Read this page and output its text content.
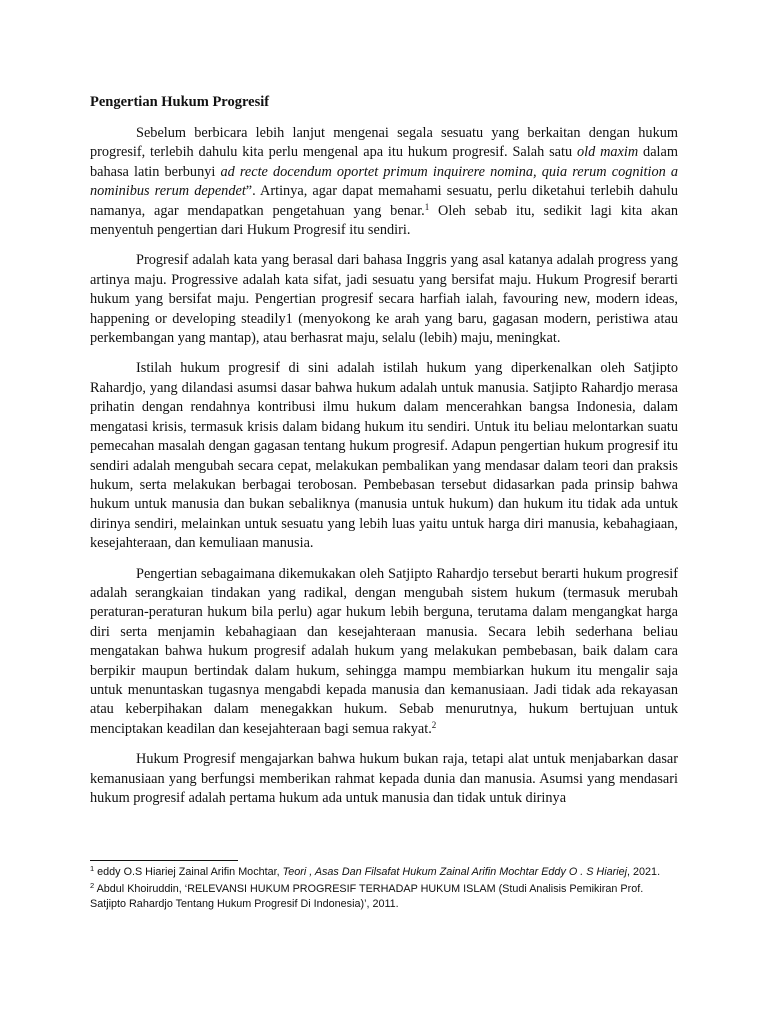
Pengertian Hukum Progresif

Sebelum berbicara lebih lanjut mengenai segala sesuatu yang berkaitan dengan hukum progresif, terlebih dahulu kita perlu mengenal apa itu hukum progresif. Salah satu old maxim dalam bahasa latin berbunyi ad recte docendum oportet primum inquirere nomina, quia rerum cognition a nominibus rerum dependet”. Artinya, agar dapat memahami sesuatu, perlu diketahui terlebih dahulu namanya, agar mendapatkan pengetahuan yang benar.$^1$ Oleh sebab itu, sedikit lagi kita akan menyentuh pengertian dari Hukum Progresif itu sendiri.

Progresif adalah kata yang berasal dari bahasa Inggris yang asal katanya adalah progress yang artinya maju. Progressive adalah kata sifat, jadi sesuatu yang bersifat maju. Hukum Progresif berarti hukum yang bersifat maju. Pengertian progresif secara harfiah ialah, favouring new, modern ideas, happening or developing steadily1 (menyokong ke arah yang baru, gagasan modern, peristiwa atau perkembangan yang mantap), atau berhasrat maju, selalu (lebih) maju, meningkat.

Istilah hukum progresif di sini adalah istilah hukum yang diperkenalkan oleh Satjipto Rahardjo, yang dilandasi asumsi dasar bahwa hukum adalah untuk manusia. Satjipto Rahardjo merasa prihatin dengan rendahnya kontribusi ilmu hukum dalam mencerahkan bangsa Indonesia, dalam mengatasi krisis, termasuk krisis dalam bidang hukum itu sendiri. Untuk itu beliau melontarkan suatu pemecahan masalah dengan gagasan tentang hukum progresif. Adapun pengertian hukum progresif itu sendiri adalah mengubah secara cepat, melakukan pembalikan yang mendasar dalam teori dan praksis hukum, serta melakukan berbagai terobosan. Pembebasan tersebut didasarkan pada prinsip bahwa hukum untuk manusia dan bukan sebaliknya (manusia untuk hukum) dan hukum itu tidak ada untuk dirinya sendiri, melainkan untuk sesuatu yang lebih luas yaitu untuk harga diri manusia, kebahagiaan, kesejahteraan, dan kemuliaan manusia.

Pengertian sebagaimana dikemukakan oleh Satjipto Rahardjo tersebut berarti hukum progresif adalah serangkaian tindakan yang radikal, dengan mengubah sistem hukum (termasuk merubah peraturan-peraturan hukum bila perlu) agar hukum lebih berguna, terutama dalam mengangkat harga diri serta menjamin kebahagiaan dan kesejahteraan manusia. Secara lebih sederhana beliau mengatakan bahwa hukum progresif adalah hukum yang melakukan pembebasan, baik dalam cara berpikir maupun bertindak dalam hukum, sehingga mampu membiarkan hukum itu mengalir saja untuk menuntaskan tugasnya mengabdi kepada manusia dan kemanusiaan. Jadi tidak ada rekayasan atau keberpihakan dalam menegakkan hukum. Sebab menurutnya, hukum bertujuan untuk menciptakan keadilan dan kesejahteraan bagi semua rakyat.$^2$

Hukum Progresif mengajarkan bahwa hukum bukan raja, tetapi alat untuk menjabarkan dasar kemanusiaan yang berfungsi memberikan rahmat kepada dunia dan manusia. Asumsi yang mendasari hukum progresif adalah pertama hukum ada untuk manusia dan tidak untuk dirinya

$^1$ eddy O.S Hiariej Zainal Arifin Mochtar, Teori , Asas Dan Filsafat Hukum Zainal Arifin Mochtar Eddy O . S Hiariej, 2021.

$^2$ Abdul Khoiruddin, ‘RELEVANSI HUKUM PROGRESIF TERHADAP HUKUM ISLAM (Studi Analisis Pemikiran Prof. Satjipto Rahardjo Tentang Hukum Progresif Di Indonesia)’, 2011.
